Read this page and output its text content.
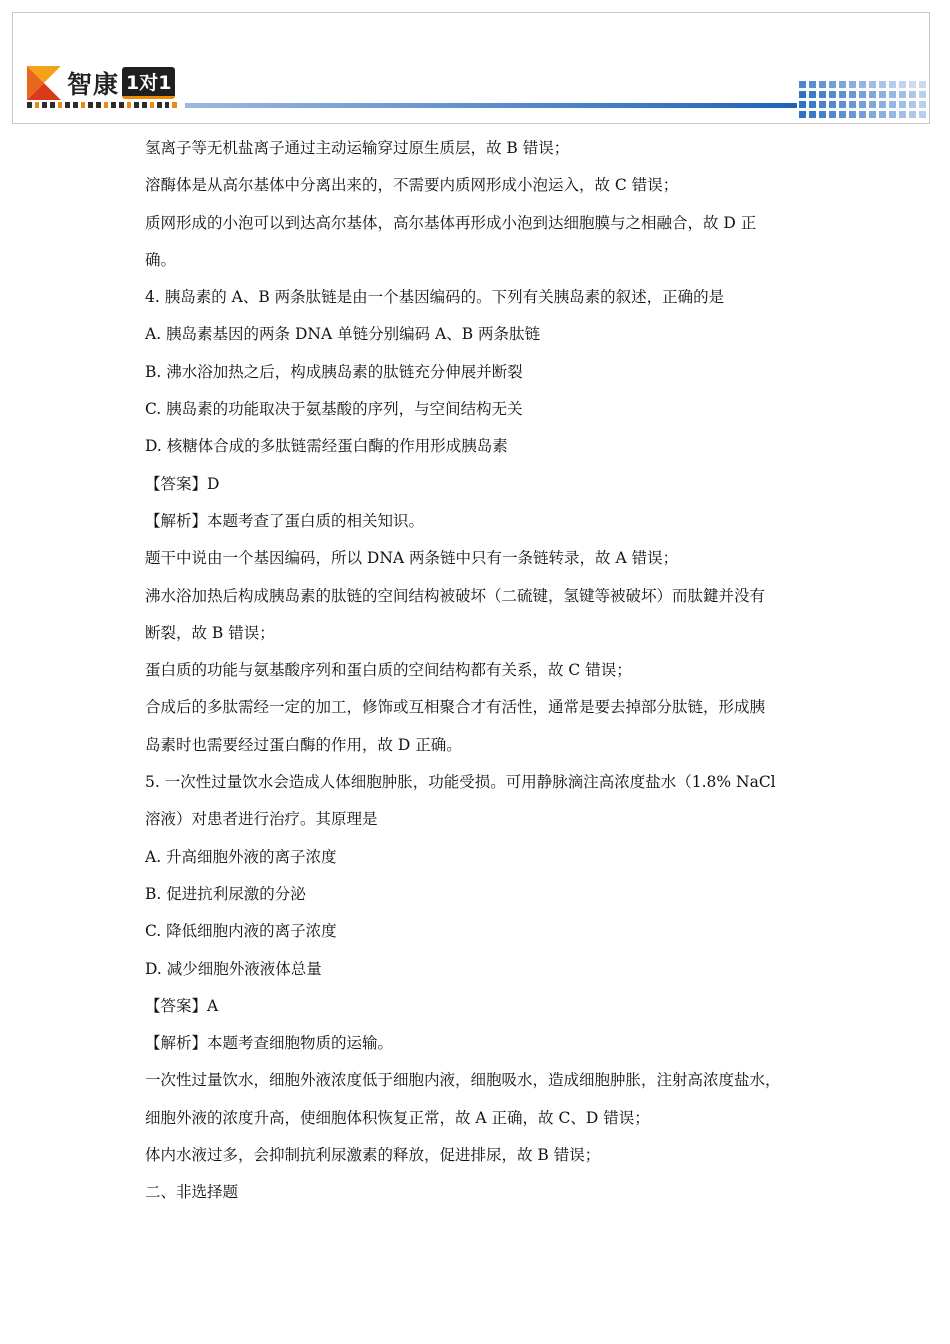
智康 1对1
氢离子等无机盐离子通过主动运输穿过原生质层，故 B 错误；
溶酶体是从高尔基体中分离出来的，不需要内质网形成小泡运入，故 C 错误；
质网形成的小泡可以到达高尔基体，高尔基体再形成小泡到达细胞膜与之相融合，故 D 正
确。
4. 胰岛素的 A、B 两条肽链是由一个基因编码的。下列有关胰岛素的叙述，正确的是
A. 胰岛素基因的两条 DNA 单链分别编码 A、B 两条肽链
B. 沸水浴加热之后，构成胰岛素的肽链充分伸展并断裂
C. 胰岛素的功能取决于氨基酸的序列，与空间结构无关
D. 核糖体合成的多肽链需经蛋白酶的作用形成胰岛素
【答案】D
【解析】本题考查了蛋白质的相关知识。
题干中说由一个基因编码，所以 DNA 两条链中只有一条链转录，故 A 错误；
沸水浴加热后构成胰岛素的肽链的空间结构被破坏（二硫键，氢键等被破坏）而肽鍵并没有
断裂，故 B 错误；
蛋白质的功能与氨基酸序列和蛋白质的空间结构都有关系，故 C 错误；
合成后的多肽需经一定的加工，修饰或互相聚合才有活性，通常是要去掉部分肽链，形成胰
岛素时也需要经过蛋白酶的作用，故 D 正确。
5. 一次性过量饮水会造成人体细胞肿胀，功能受损。可用静脉滴注高浓度盐水（1.8% NaCl
溶液）对患者进行治疗。其原理是
A. 升高细胞外液的离子浓度
B. 促进抗利尿激的分泌
C. 降低细胞内液的离子浓度
D. 减少细胞外液液体总量
【答案】A
【解析】本题考查细胞物质的运输。
一次性过量饮水，细胞外液浓度低于细胞内液，细胞吸水，造成细胞肿胀，注射高浓度盐水，
细胞外液的浓度升高，使细胞体积恢复正常，故 A 正确，故 C、D 错误；
体内水液过多，会抑制抗利尿激素的释放，促进排尿，故 B 错误；
二、非选择题
